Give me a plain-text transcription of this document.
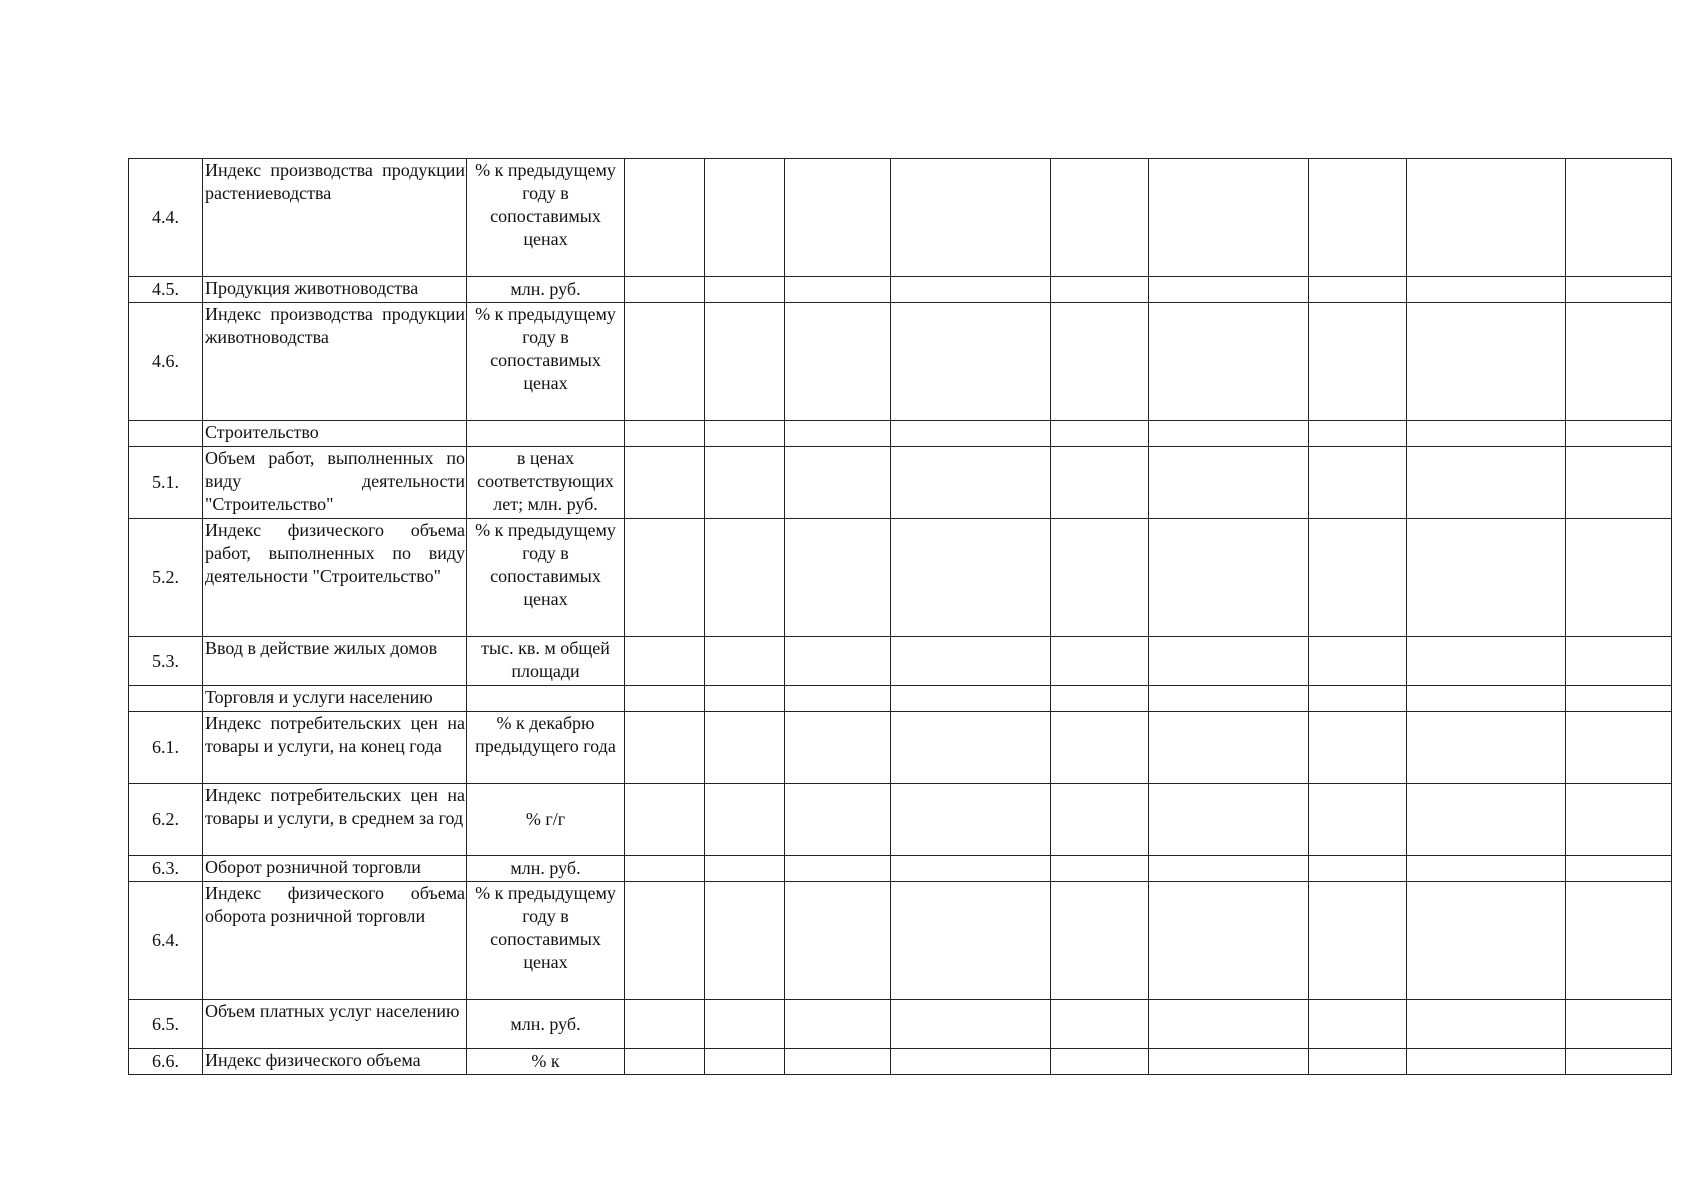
4.4.	Индекс производства продукции растениеводства	% к предыдущему году в сопоставимых ценах									
4.5.	Продукция животноводства	млн. руб.									
4.6.	Индекс производства продукции животноводства	% к предыдущему году в сопоставимых ценах									
	Строительство										
5.1.	Объем работ, выполненных по виду деятельности "Строительство"	в ценах соответствующих лет; млн. руб.									
5.2.	Индекс физического объема работ, выполненных по виду деятельности "Строительство"	% к предыдущему году в сопоставимых ценах									
5.3.	Ввод в действие жилых домов	тыс. кв. м общей площади									
	Торговля и услуги населению										
6.1.	Индекс потребительских цен на товары и услуги, на конец года	% к декабрю предыдущего года									
6.2.	Индекс потребительских цен на товары и услуги, в среднем за год	% г/г									
6.3.	Оборот розничной торговли	млн. руб.									
6.4.	Индекс физического объема оборота розничной торговли	% к предыдущему году в сопоставимых ценах									
6.5.	Объем платных услуг населению	млн. руб.									
6.6.	Индекс физического объема	% к									
